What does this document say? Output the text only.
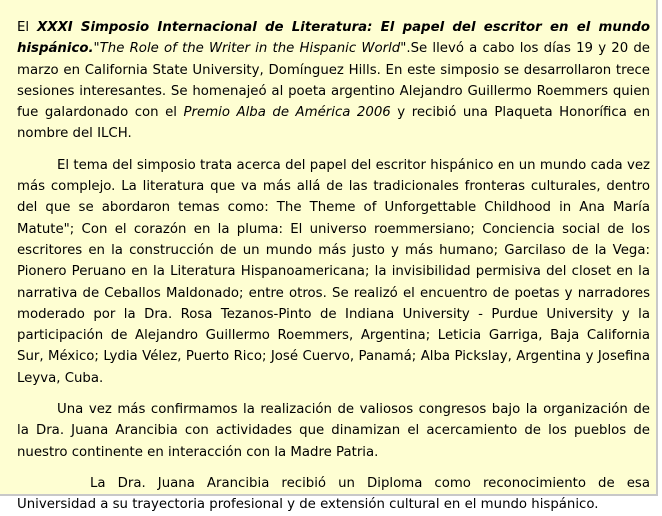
El XXXI Simposio Internacional de Literatura: El papel del escritor en el mundo hispánico."The Role of the Writer in the Hispanic World".Se llevó a cabo los días 19 y 20 de marzo en California State University, Domínguez Hills. En este simposio se desarrollaron trece sesiones interesantes. Se homenajeó al poeta argentino Alejandro Guillermo Roemmers quien fue galardonado con el Premio Alba de América 2006 y recibió una Plaqueta Honorífica en nombre del ILCH.

El tema del simposio trata acerca del papel del escritor hispánico en un mundo cada vez más complejo. La literatura que va más allá de las tradicionales fronteras culturales, dentro del que se abordaron temas como: The Theme of Unforgettable Childhood in Ana María Matute"; Con el corazón en la pluma: El universo roemmersiano; Conciencia social de los escritores en la construcción de un mundo más justo y más humano; Garcilaso de la Vega: Pionero Peruano en la Literatura Hispanoamericana; la invisibilidad permisiva del closet en la narrativa de Ceballos Maldonado; entre otros. Se realizó el encuentro de poetas y narradores moderado por la Dra. Rosa Tezanos-Pinto de Indiana University - Purdue University y la participación de Alejandro Guillermo Roemmers, Argentina; Leticia Garriga, Baja California Sur, México; Lydia Vélez, Puerto Rico; José Cuervo, Panamá; Alba Pickslay, Argentina y Josefina Leyva, Cuba.

Una vez más confirmamos la realización de valiosos congresos bajo la organización de la Dra. Juana Arancibia con actividades que dinamizan el acercamiento de los pueblos de nuestro continente en interacción con la Madre Patria.

La Dra. Juana Arancibia recibió un Diploma como reconocimiento de esa Universidad a su trayectoria profesional y de extensión cultural en el mundo hispánico.
